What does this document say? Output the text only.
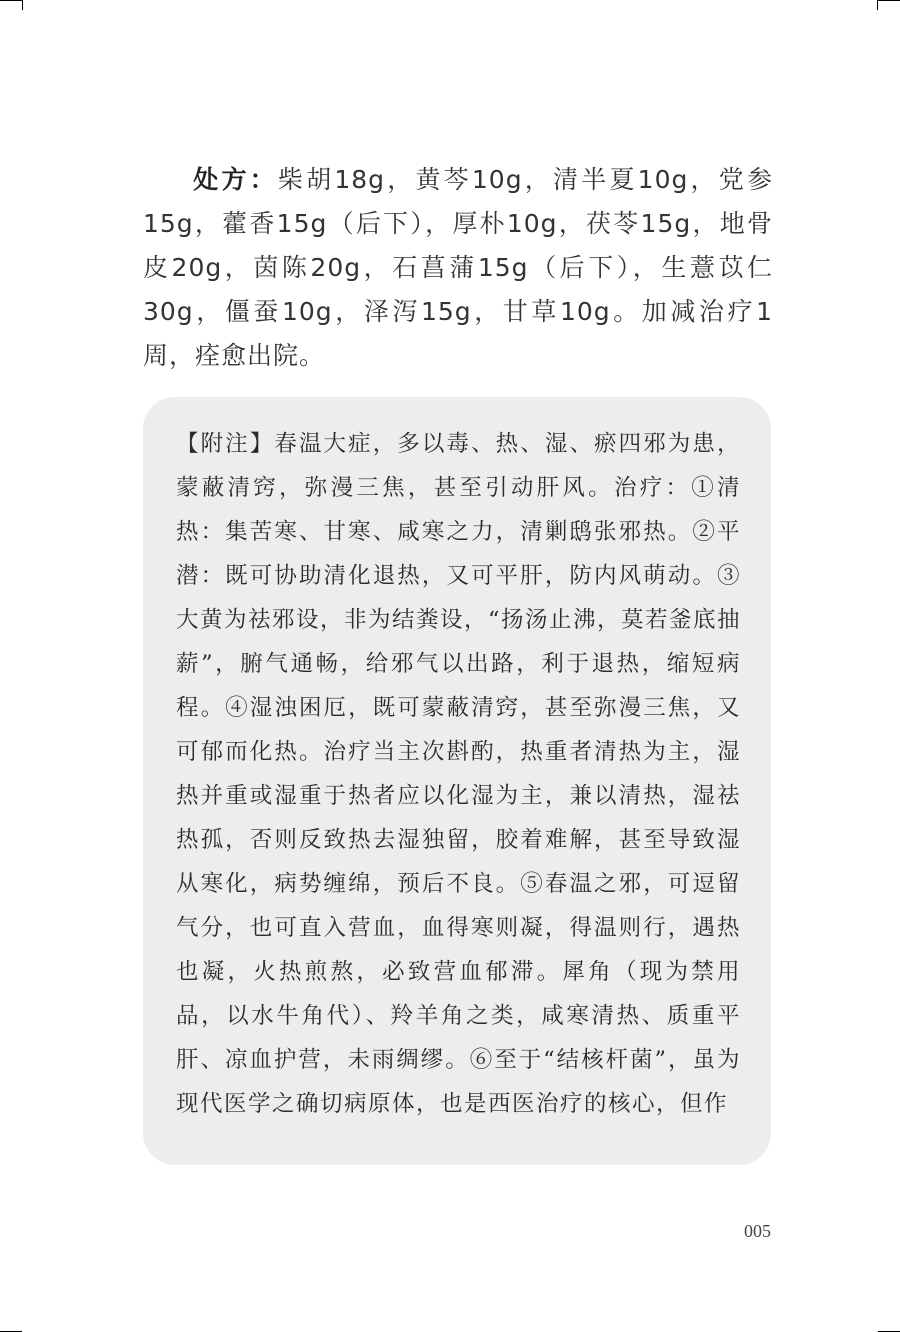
处方：柴胡18g，黄芩10g，清半夏10g，党参15g，藿香15g（后下），厚朴10g，茯苓15g，地骨皮20g，茵陈20g，石菖蒲15g（后下），生薏苡仁30g，僵蚕10g，泽泻15g，甘草10g。加减治疗1周，痊愈出院。
【附注】春温大症，多以毒、热、湿、瘀四邪为患，蒙蔽清窍，弥漫三焦，甚至引动肝风。治疗：①清热：集苦寒、甘寒、咸寒之力，清剿鸱张邪热。②平潜：既可协助清化退热，又可平肝，防内风萌动。③大黄为祛邪设，非为结粪设，“扬汤止沸，莫若釜底抽薪”，腑气通畅，给邪气以出路，利于退热，缩短病程。④湿浊困厄，既可蒙蔽清窍，甚至弥漫三焦，又可郁而化热。治疗当主次斟酌，热重者清热为主，湿热并重或湿重于热者应以化湿为主，兼以清热，湿祛热孤，否则反致热去湿独留，胶着难解，甚至导致湿从寒化，病势缠绵，预后不良。⑤春温之邪，可逗留气分，也可直入营血，血得寒则凝，得温则行，遇热也凝，火热煎熬，必致营血郁滞。犀角（现为禁用品，以水牛角代）、羚羊角之类，咸寒清热、质重平肝、凉血护营，未雨绸缪。⑥至于“结核杆菌”，虽为现代医学之确切病原体，也是西医治疗的核心，但作
005
